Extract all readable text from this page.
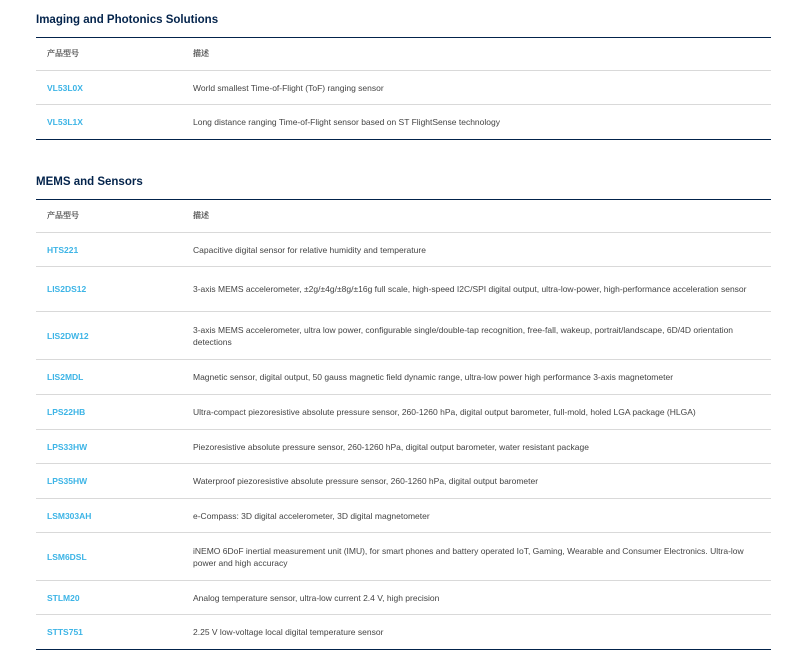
Imaging and Photonics Solutions
产品型号	描述
VL53L0X	World smallest Time-of-Flight (ToF) ranging sensor
VL53L1X	Long distance ranging Time-of-Flight sensor based on ST FlightSense technology
MEMS and Sensors
产品型号	描述
HTS221	Capacitive digital sensor for relative humidity and temperature
LIS2DS12	3-axis MEMS accelerometer, ±2g/±4g/±8g/±16g full scale, high-speed I2C/SPI digital output, ultra-low-power, high-performance acceleration sensor
LIS2DW12	3-axis MEMS accelerometer, ultra low power, configurable single/double-tap recognition, free-fall, wakeup, portrait/landscape, 6D/4D orientation detections
LIS2MDL	Magnetic sensor, digital output, 50 gauss magnetic field dynamic range, ultra-low power high performance 3-axis magnetometer
LPS22HB	Ultra-compact piezoresistive absolute pressure sensor, 260-1260 hPa, digital output barometer, full-mold, holed LGA package (HLGA)
LPS33HW	Piezoresistive absolute pressure sensor, 260-1260 hPa, digital output barometer, water resistant package
LPS35HW	Waterproof piezoresistive absolute pressure sensor, 260-1260 hPa, digital output barometer
LSM303AH	e-Compass: 3D digital accelerometer, 3D digital magnetometer
LSM6DSL	iNEMO 6DoF inertial measurement unit (IMU), for smart phones and battery operated IoT, Gaming, Wearable and Consumer Electronics. Ultra-low power and high accuracy
STLM20	Analog temperature sensor, ultra-low current 2.4 V, high precision
STTS751	2.25 V low-voltage local digital temperature sensor
